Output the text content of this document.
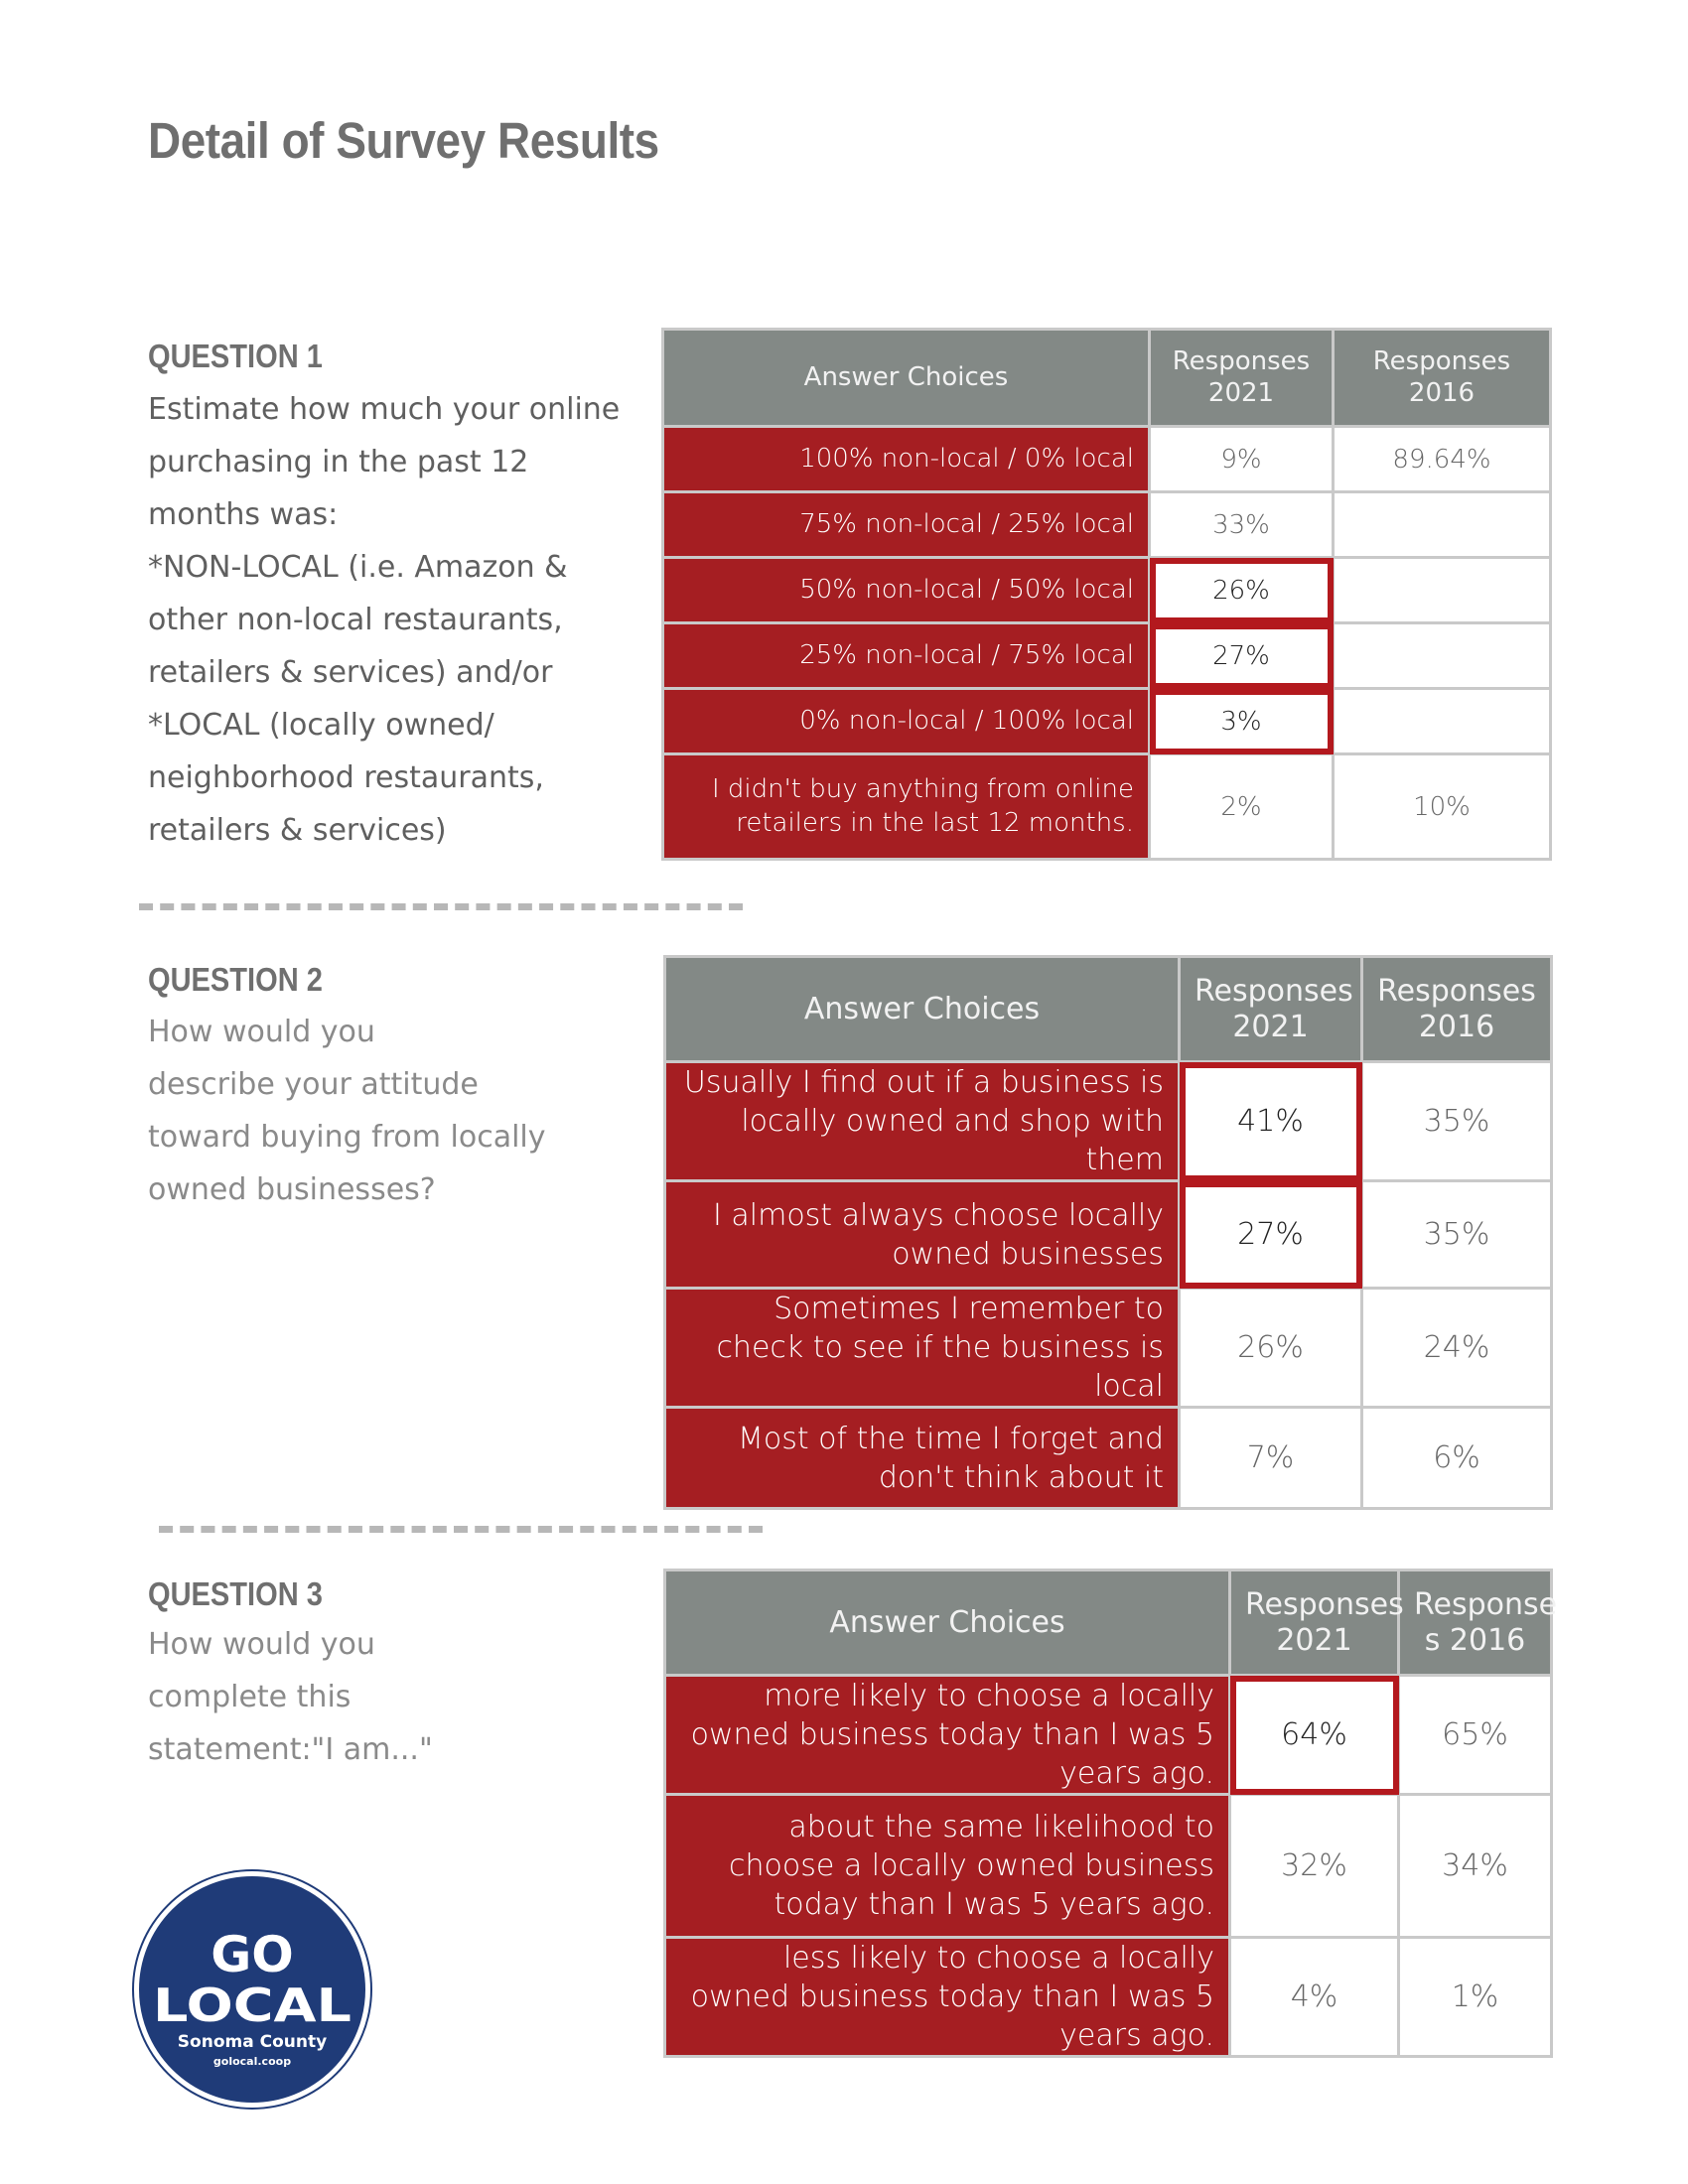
Detail of Survey Results

QUESTION 1

Estimate how much your online
purchasing in the past 12
months was:
*NON-LOCAL (i.e. Amazon &
other non-local restaurants,
retailers & services) and/or
*LOCAL (locally owned/
neighborhood restaurants,
retailers & services)

Answer Choices	Responses 2021	Responses 2016
100% non-local / 0% local	9%	89.64%
75% non-local / 25% local	33%	
50% non-local / 50% local	26%	
25% non-local / 75% local	27%	
0% non-local / 100% local	3%	
I didn't buy anything from online retailers in the last 12 months.	2%	10%

QUESTION 2

How would you
describe your attitude
toward buying from locally
owned businesses?

Answer Choices	Responses 2021	Responses 2016
Usually I find out if a business is locally owned and shop with them	41%	35%
I almost always choose locally owned businesses	27%	35%
Sometimes I remember to check to see if the business is local	26%	24%
Most of the time I forget and don't think about it	7%	6%

QUESTION 3

How would you
complete this
statement:"I am..."

Answer Choices	Responses 2021	Response s 2016
more likely to choose a locally owned business today than I was 5 years ago.	64%	65%
about the same likelihood to choose a locally owned business today than I was 5 years ago.	32%	34%
less likely to choose a locally owned business today than I was 5 years ago.	4%	1%
GO
LOCAL
Sonoma County
golocal.coop
